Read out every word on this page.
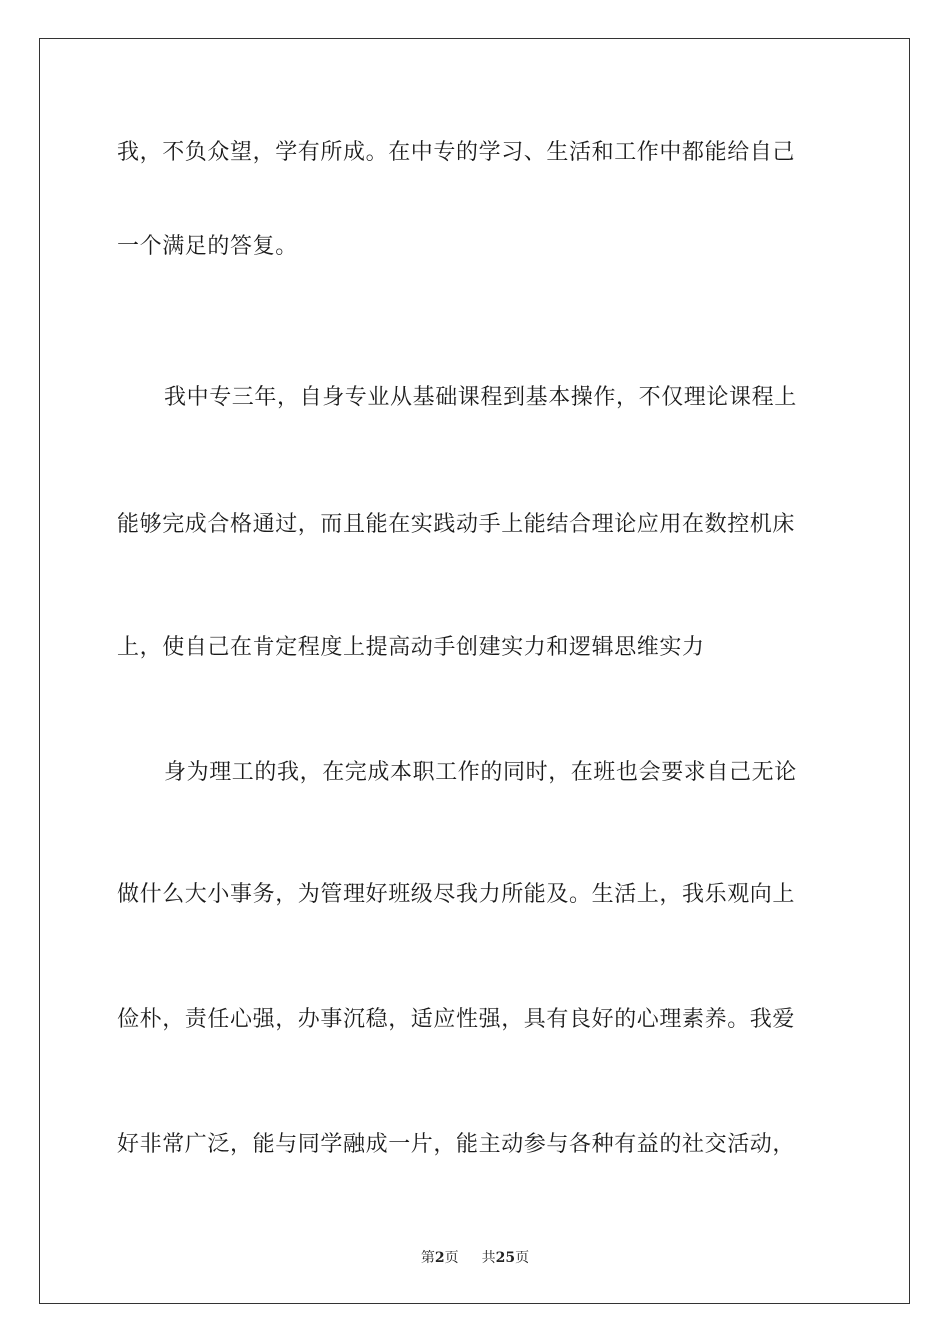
我，不负众望，学有所成。在中专的学习、生活和工作中都能给自己
一个满足的答复。
我中专三年，自身专业从基础课程到基本操作，不仅理论课程上
能够完成合格通过，而且能在实践动手上能结合理论应用在数控机床
上，使自己在肯定程度上提高动手创建实力和逻辑思维实力
身为理工的我，在完成本职工作的同时，在班也会要求自己无论
做什么大小事务，为管理好班级尽我力所能及。生活上，我乐观向上
俭朴，责任心强，办事沉稳，适应性强，具有良好的心理素养。我爱
好非常广泛，能与同学融成一片，能主动参与各种有益的社交活动，
第2页 共25页
